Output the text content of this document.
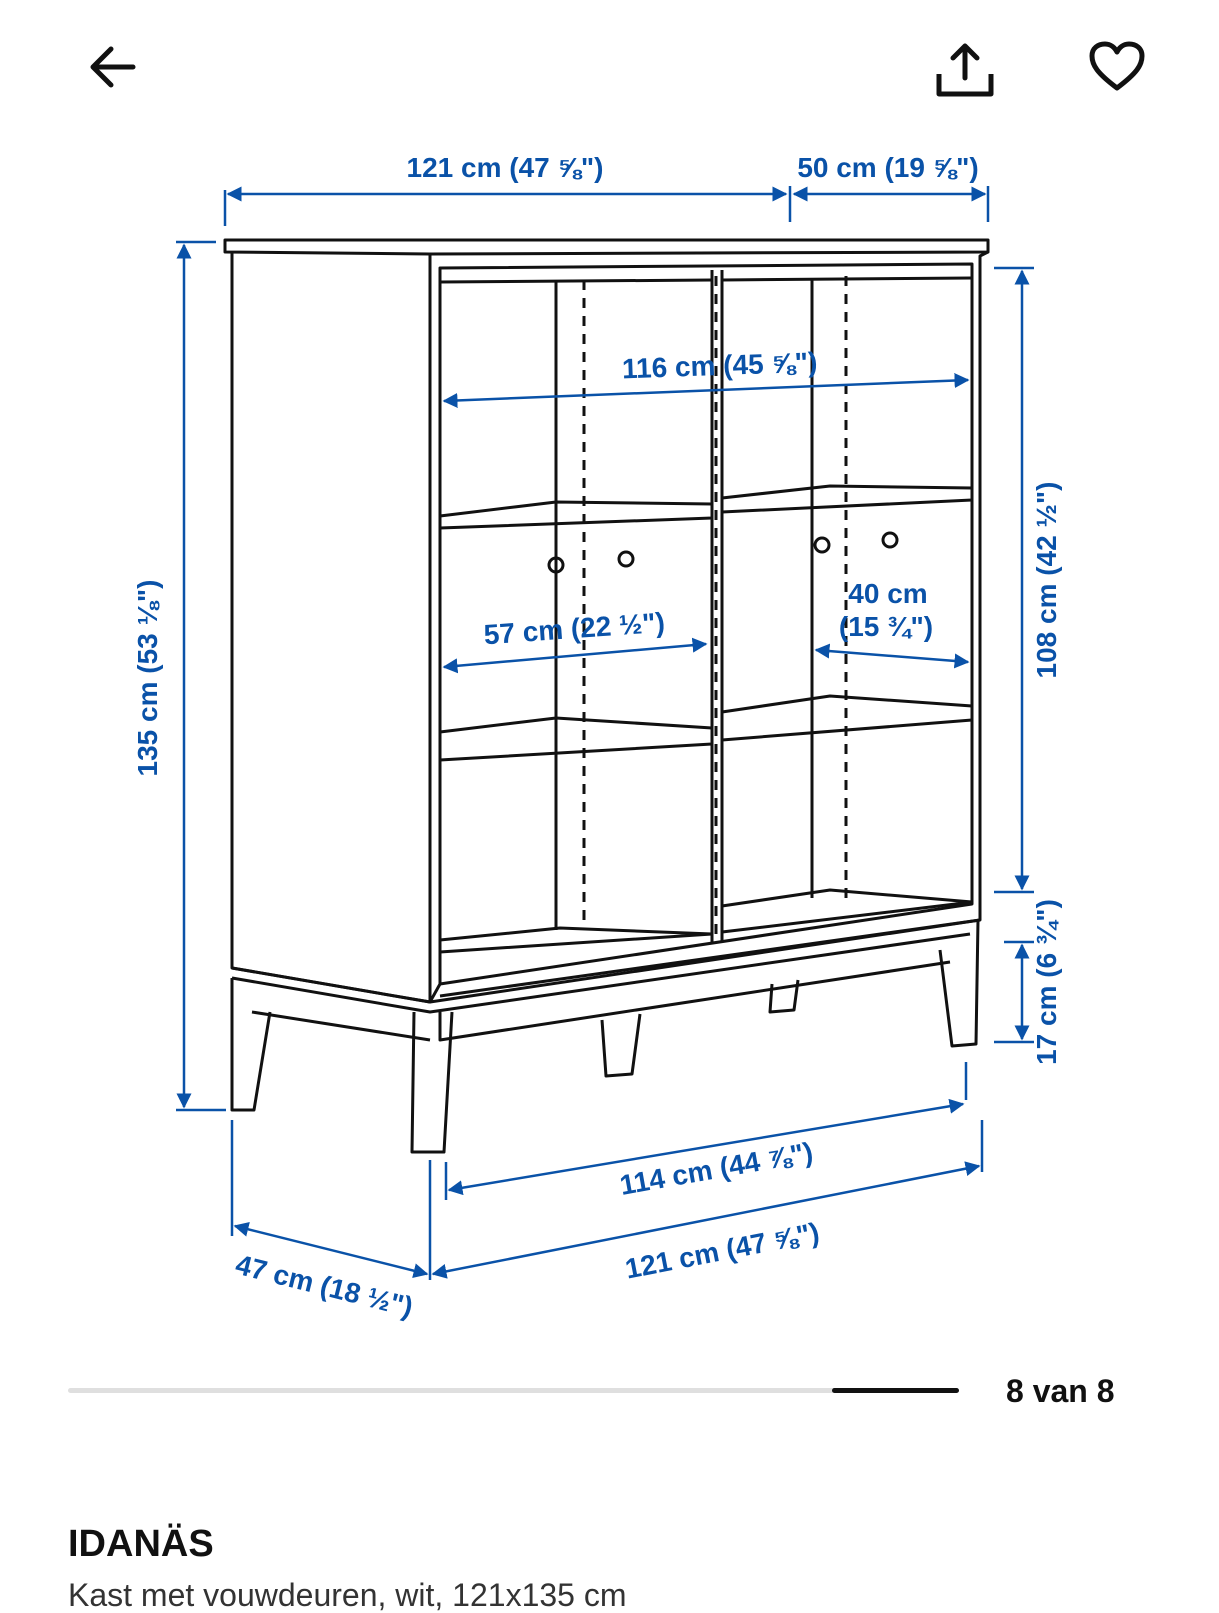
121 cm (47 ⅝")	50 cm (19 ⅝")
116 cm (45 ⅝")
57 cm (22 ½")
40 cm
(15 ¾")
135 cm (53 ⅛")	108 cm (42 ½")
17 cm (6 ¾")
114 cm (44 ⅞")
121 cm (47 ⅝")
47 cm (18 ½")
8 van 8
IDANÄS
Kast met vouwdeuren, wit, 121x135 cm
